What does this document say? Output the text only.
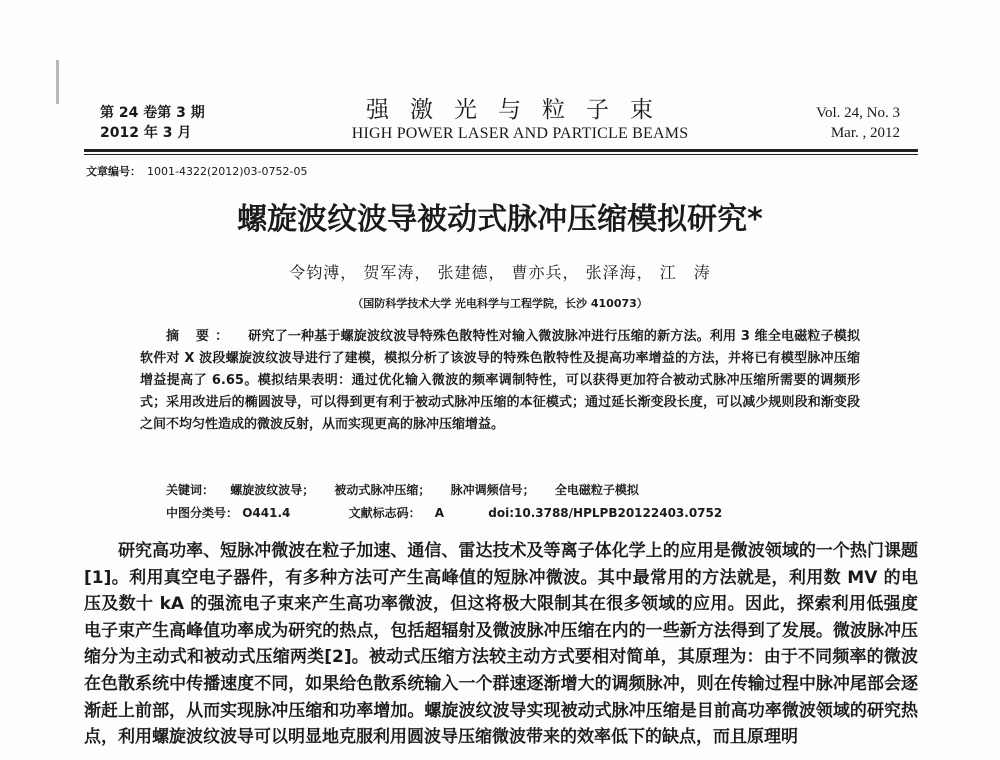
第 24 卷第 3 期
2012 年 3 月
强激光与粒子束
HIGH POWER LASER AND PARTICLE BEAMS
Vol. 24, No. 3
Mar. , 2012
文章编号： 1001-4322(2012)03-0752-05
螺旋波纹波导被动式脉冲压缩模拟研究*
令钧溥， 贺军涛， 张建德， 曹亦兵， 张泽海， 江　涛
（国防科学技术大学 光电科学与工程学院，长沙 410073）
摘 要： 研究了一种基于螺旋波纹波导特殊色散特性对输入微波脉冲进行压缩的新方法。利用 3 维全电磁粒子模拟软件对 X 波段螺旋波纹波导进行了建模，模拟分析了该波导的特殊色散特性及提高功率增益的方法，并将已有模型脉冲压缩增益提高了 6.65。模拟结果表明：通过优化输入微波的频率调制特性，可以获得更加符合被动式脉冲压缩所需要的调频形式；采用改进后的椭圆波导，可以得到更有利于被动式脉冲压缩的本征模式；通过延长渐变段长度，可以减少规则段和渐变段之间不均匀性造成的微波反射，从而实现更高的脉冲压缩增益。
关键词： 螺旋波纹波导； 被动式脉冲压缩； 脉冲调频信号； 全电磁粒子模拟
中图分类号： O441.4	文献标志码： A	doi:10.3788/HPLPB20122403.0752

研究高功率、短脉冲微波在粒子加速、通信、雷达技术及等离子体化学上的应用是微波领域的一个热门课题[1]。利用真空电子器件，有多种方法可产生高峰值的短脉冲微波。其中最常用的方法就是，利用数 MV 的电压及数十 kA 的强流电子束来产生高功率微波，但这将极大限制其在很多领域的应用。因此，探索利用低强度电子束产生高峰值功率成为研究的热点，包括超辐射及微波脉冲压缩在内的一些新方法得到了发展。微波脉冲压缩分为主动式和被动式压缩两类[2]。被动式压缩方法较主动方式要相对简单，其原理为：由于不同频率的微波在色散系统中传播速度不同，如果给色散系统输入一个群速逐渐增大的调频脉冲，则在传输过程中脉冲尾部会逐渐赶上前部，从而实现脉冲压缩和功率增加。螺旋波纹波导实现被动式脉冲压缩是目前高功率微波领域的研究热点，利用螺旋波纹波导可以明显地克服利用圆波导压缩微波带来的效率低下的缺点，而且原理明
